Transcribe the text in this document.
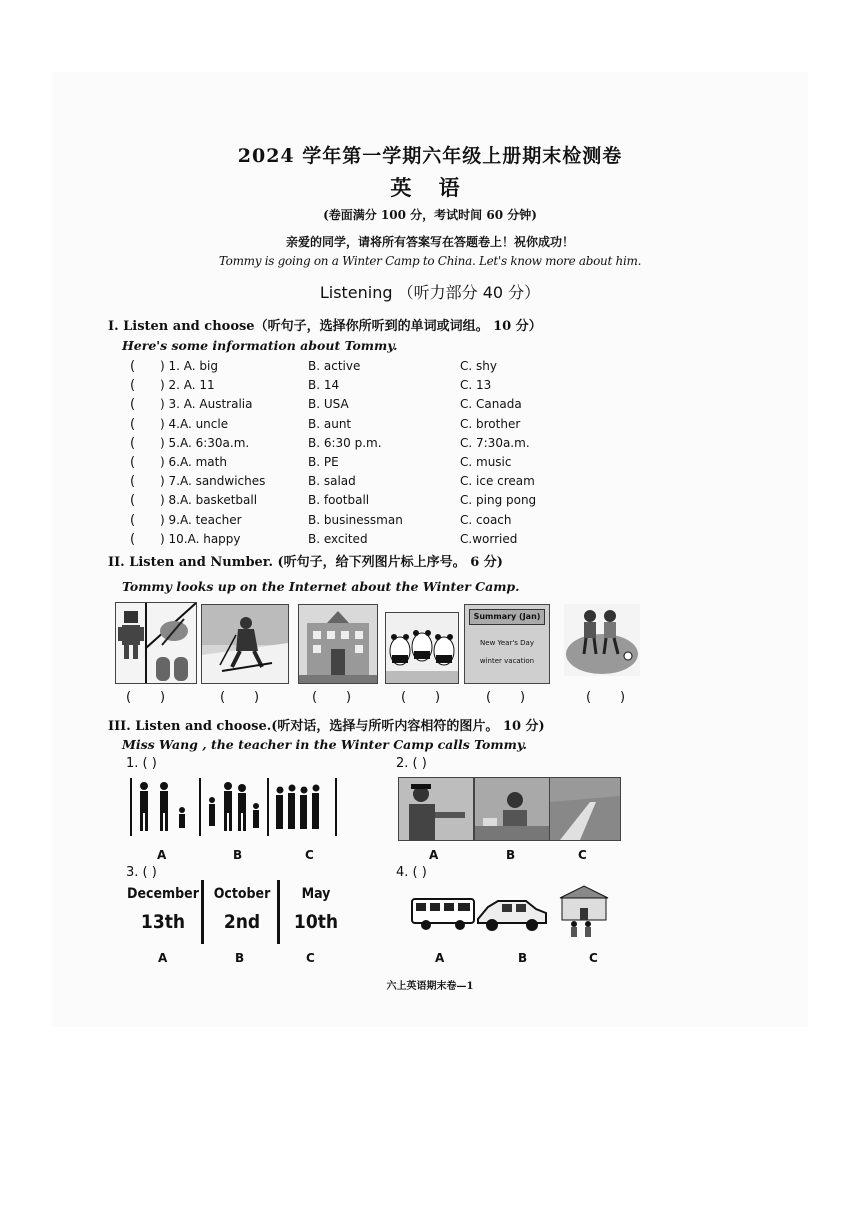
2024 学年第一学期六年级上册期末检测卷
英 语
(卷面满分 100 分，考试时间 60 分钟)
亲爱的同学，请将所有答案写在答题卷上！祝你成功！
Tommy is going on a Winter Camp to China. Let's know more about him.
Listening （听力部分 40 分）
I. Listen and choose（听句子，选择你所听到的单词或词组。 10 分）
Here's some information about Tommy.
( ) 1. A. big	B. active	C. shy
( ) 2. A. 11	B. 14	C. 13
( ) 3. A. Australia	B. USA	C. Canada
( ) 4.A. uncle	B. aunt	C. brother
( ) 5.A. 6:30a.m.	B. 6:30 p.m.	C. 7:30a.m.
( ) 6.A. math	B. PE	C. music
( ) 7.A. sandwiches	B. salad	C. ice cream
( ) 8.A. basketball	B. football	C. ping pong
( ) 9.A. teacher	B. businessman	C. coach
( ) 10.A. happy	B. excited	C.worried
II. Listen and Number. (听句子，给下列图片标上序号。 6 分)
Tommy looks up on the Internet about the Winter Camp.
Summary (Jan)
New Year's Day
winter vacation
(       )	(       )	(       )	(       )	(       )	(       )
III. Listen and choose.(听对话，选择与所听内容相符的图片。 10 分)
Miss Wang , the teacher in the Winter Camp calls Tommy.
1. ( )	2. ( )
A	B	C	A	B	C
3. ( )
December
13th
October
2nd
May
10th
A	B	C
4. ( )
A	B	C
六上英语期末卷—1
